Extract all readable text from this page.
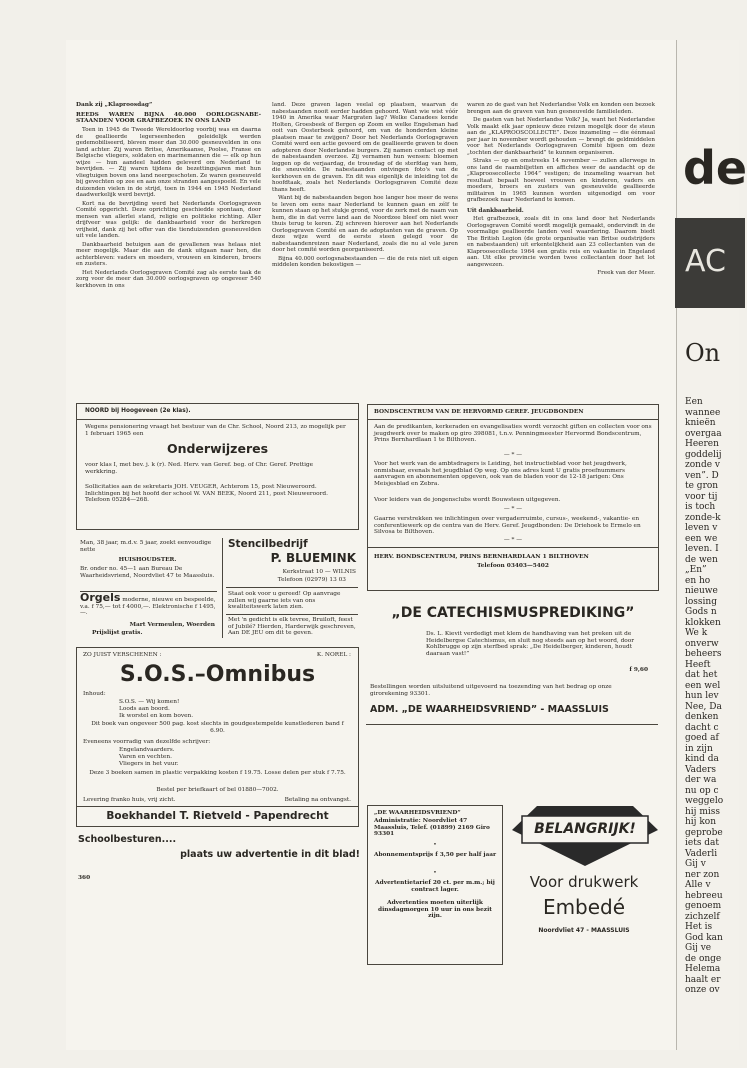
Dank zij „Klaproosdag”
REEDS WAREN BIJNA 40.000 OORLOGSNABE-STAANDEN VOOR GRAFBEZOEK IN ONS LAND

Toen in 1945 de Tweede Wereldoorlog voorbij was en daarna de geallieerde legerseenheden geleidelijk werden gedemobiliseerd, bleven meer dan 30.000 gesneuvelden in ons land achter. Zij waren Britse, Amerikaanse, Poolse, Franse en Belgische vliegers, soldaten en marinemannen die — elk op hun wijze — hun aandeel hadden geleverd om Nederland te bevrijden. — Zij waren tijdens de bezettingsjaren met hun vliegtuigen boven ons land neergeschoten. Ze waren gesneuveld bij gevechten op zee en aan onze stranden aangespoeld. En vele duizenden vielen in de strijd, toen in 1944 en 1945 Nederland daadwerkelijk werd bevrijd.

Kort na de bevrijding werd het Nederlands Oorlogsgraven Comité opgericht. Deze oprichting geschiedde spontaan, door mensen van allerlei stand, religie en politieke richting. Aller drijfveer was gelijk: de dankbaarheid voor de herkregen vrijheid, dank zij het offer van die tienduizenden gesneuvelden uit vele landen.

Dankbaarheid betuigen aan de gevallenen was helaas niet meer mogelijk. Maar die aan de dank uitgaan naar hen, die achterbleven: vaders en moeders, vrouwen en kinderen, broers en zusters.

Het Nederlands Oorlogsgraven Comité zag als eerste taak de zorg voor de meer dan 30.000 oorlogsgraven op ongeveer 540 kerkhoven in ons

land. Deze graven lagen veelal op plaatsen, waarvan de nabestaanden nooit eerder hadden gehoord. Want wie wist vóór 1940 in Amerika waar Margraten lag? Welke Canadees kende Holten, Groesbeek of Bergen op Zoom en welke Engelsman had ooit van Oosterbeek gehoord, om van de honderden kleine plaatsen maar te zwijgen? Door het Nederlands Oorlogsgraven Comité werd een actie gevoerd om de geallieerde graven te doen adopteren door Nederlandse burgers. Zij namen contact op met de nabestaanden overzee. Zij vernamen hun wensen: bloemen leggen op de verjaardag, de trouwdag of de sterfdag van hem, die sneuvelde. De nabestaanden ontvingen foto's van de kerkhoven en de graven. En dit was eigenlijk de inleiding tot de hoofdtaak, zoals het Nederlands Oorlogsgraven Comité deze thans heeft.

Want bij de nabestaanden begon hoe langer hoe meer de wens te leven om eens naar Nederland te kunnen gaan en zélf te kunnen staan op het stukje grond, voor de zerk met de naam van hem, die in dat verre land aan de Noordzee bleef om niet weer thuis terug te keren. Zij schreven hierover aan het Nederlands Oorlogsgraven Comité en aan de adoptanten van de graven. Op deze wijze werd de eerste steen gelegd voor de nabestaandenreizen naar Nederland, zoals die nu al vele jaren door het comité worden georganiseerd.

Bijna 40.000 oorlogsnabestaanden — die de reis niet uit eigen middelen konden bekostigen —

waren zo de gast van het Nederlandse Volk en konden een bezoek brengen aan de graven van hun gesneuvelde familieleden.

De gasten van het Nederlandse Volk? Ja, want het Nederlandse Volk maakt elk jaar opnieuw deze reizen mogelijk door de steun aan de „KLAPROOSCOLLECTE”. Deze inzameling — die éénmaal per jaar in november wordt gehouden — brengt de geldmiddelen voor het Nederlands Oorlogsgraven Comité bijeen om deze „tochten der dankbaarheid” te kunnen organiseren.

Straks — op en omstreeks 14 november — zullen allerwege in ons land de raambiljetten en affiches weer de aandacht op de „Klaproosecollecte 1964” vestigen; de inzameling waarvan het resultaat bepaalt hoeveel vrouwen en kinderen, vaders en moeders, broers en zusters van gesneuvelde geallieerde militairen in 1965 kunnen worden uitgenodigd om voor grafbezoek naar Nederland te komen.

Uit dankbaarheid.

Het grafbezoek, zoals dit in ons land door het Nederlands Oorlogsgraven Comité wordt mogelijk gemaakt, ondervindt in de voormalige geallieerde landen veel waardering. Daarom biedt The British Legion (de grote organisatie van Britse oudstrijders en nabestaanden) uit erkentelijkheid aan 23 collectanten van de Klaproosecollecte 1964 een gratis reis en vakantie in Engeland aan. Uit elke provincie worden twee collectanten door het lot aangewezen.

Freek van der Meer.
NOORD bij Hoogeveen (2e klas).
Wegens pensionering vraagt het bestuur van de Chr. School, Noord 213, zo mogelijk per 1 februari 1965 een
Onderwijzeres
voor klas I, met bev. j. k (r). Ned. Herv. van Geref. beg. of Chr. Geref. Prettige werkkring.
Sollicitaties aan de sekretaris JOH. VEUGER, Achterom 15, post Nieuweroord. Inlichtingen bij het hoofd der school W. VAN BEEK, Noord 211, post Nieuweroord. Telefoon 05284—268.
Man, 38 jaar, m.d.v. 5 jaar, zoekt eenvoudige nette
HUISHOUDSTER.
Br. onder no. 45—1 aan Bureau De Waarheidsvriend, Noordvliet 47 te Maassluis.
Orgels moderne, nieuwe en bespeelde, v.a. f 75,— tot f 4000,—. Elektronische f 1495,—.
Mart Vermeulen, Woerden
Prijslijst gratis.
Stencilbedrijf
P. BLUEMINK
Kerkstraat 10 — WILNIS
Telefoon (02979) 13 03
Staat ook voor u gereed! Op aanvrage zullen wij gaarne iets van ons kwaliteitswerk laten zien.
Met 'n gedicht is elk tevree, Bruiloft, feest of Jubilé? Hierden, Harderwijk geschreven, Aan DE JEU om dit te geven.
ZO JUIST VERSCHENEN :	K. NOREL :
S.O.S.–Omnibus
Inhoud:
S.O.S. — Wij komen!
Loods aan boord.
Ik worstel en kom boven.
Dit boek van ongeveer 500 pag. kost slechts in goudgestempelde kunstlederen band f 6.90.
Eveneens voorradig van dezelfde schrijver:
Engelandvaarders.
Varen en vechten.
Vliegers in het vuur.
Deze 3 boeken samen in plastic verpakking kosten f 19.75. Losse delen per stuk f 7.75.
Bestel per briefkaart of bel 01880—7002.
Levering franko huis, vrij zicht.	Betaling na ontvangst.
Boekhandel T. Rietveld - Papendrecht
Schoolbesturen....
plaats uw advertentie in dit blad!
360
BONDSCENTRUM VAN DE HERVORMD GEREF. JEUGDBONDEN
Aan de predikanten, kerkeraden en evangelisaties wordt verzocht giften en collecten voor ons jeugdwerk over te maken op giro 398081, t.n.v. Penningmeester Hervormd Bondscentrum, Prins Bernhardlaan 1 te Bilthoven.
— * —
Voor het werk van de ambtsdragers is Leiding, het instructieblad voor het jeugdwerk, onmisbaar, evenals het jeugdblad Op weg. Op ons adres kunt U gratis proefnummers aanvragen en abonnementen opgeven, ook van de bladen voor de 12-18 jarigen: Ons Meisjesblad en Zebra.
Voor leiders van de jongensclubs wordt Bouwsteen uitgegeven.
— * —
Gaarne verstrekken we inlichtingen over vergaderruimte, cursus-, weekend-, vakantie- en conferentiewerk op de centra van de Herv. Geref. Jeugdbonden: De Driehoek te Ermelo en Silvosa te Bilthoven.
— * —
HERV. BONDSCENTRUM, PRINS BERNHARDLAAN 1 BILTHOVEN
Telefoon 03403—5402
„DE CATECHISMUSPREDIKING”
Ds. L. Kievit verdedigt met klem de handhaving van het preken uit de Heidelbergse Catechismus, en sluit nog steeds aan op het woord, door Kohlbrugge op zijn sterfbed sprak: „De Heidelberger, kinderen, houdt daaraan vast!”
f 9,60
Bestellingen worden uitsluitend uitgevoerd na toezending van het bedrag op onze girorekening 93301.
ADM. „DE WAARHEIDSVRIEND” - MAASSLUIS
„DE WAARHEIDSVRIEND”
Administratie: Noordvliet 47 Maassluis, Telef. (01899) 2169 Giro 93301
•
Abonnementsprijs f 3,50 per half jaar
•
Advertentietarief 20 ct. per m.m.; bij contract lager.
Advertenties moeten uiterlijk dinsdagmorgen 10 uur in ons bezit zijn.
BELANGRIJK!
Voor drukwerk
Embedé
Noordvliet 47 - MAASSLUIS
de
AC
On
Een
wannee
knieën
overgaa
Heeren
goddelij
zonde v
ven”. D
te gron
voor tij
is toch
zonde-k
leven v
een we
leven. I
de wen
„En”
en ho
nieuwe
lossing
Gods n
klokken
We k
onverw
beheers
Heeft
dat het
een wel
hun lev
Nee, Da
denken
dacht c
goed af
in zijn
kind da
Vaders
der wa
nu op c
weggelo
hij miss
hij kon
geprobe
iets dat
Vaderli
Gij v
ner zon
Alle v
hebreeu
genoem
zichzelf
Het is
God kan
Gij ve
de onge
Helema
haalt er
onze ov
